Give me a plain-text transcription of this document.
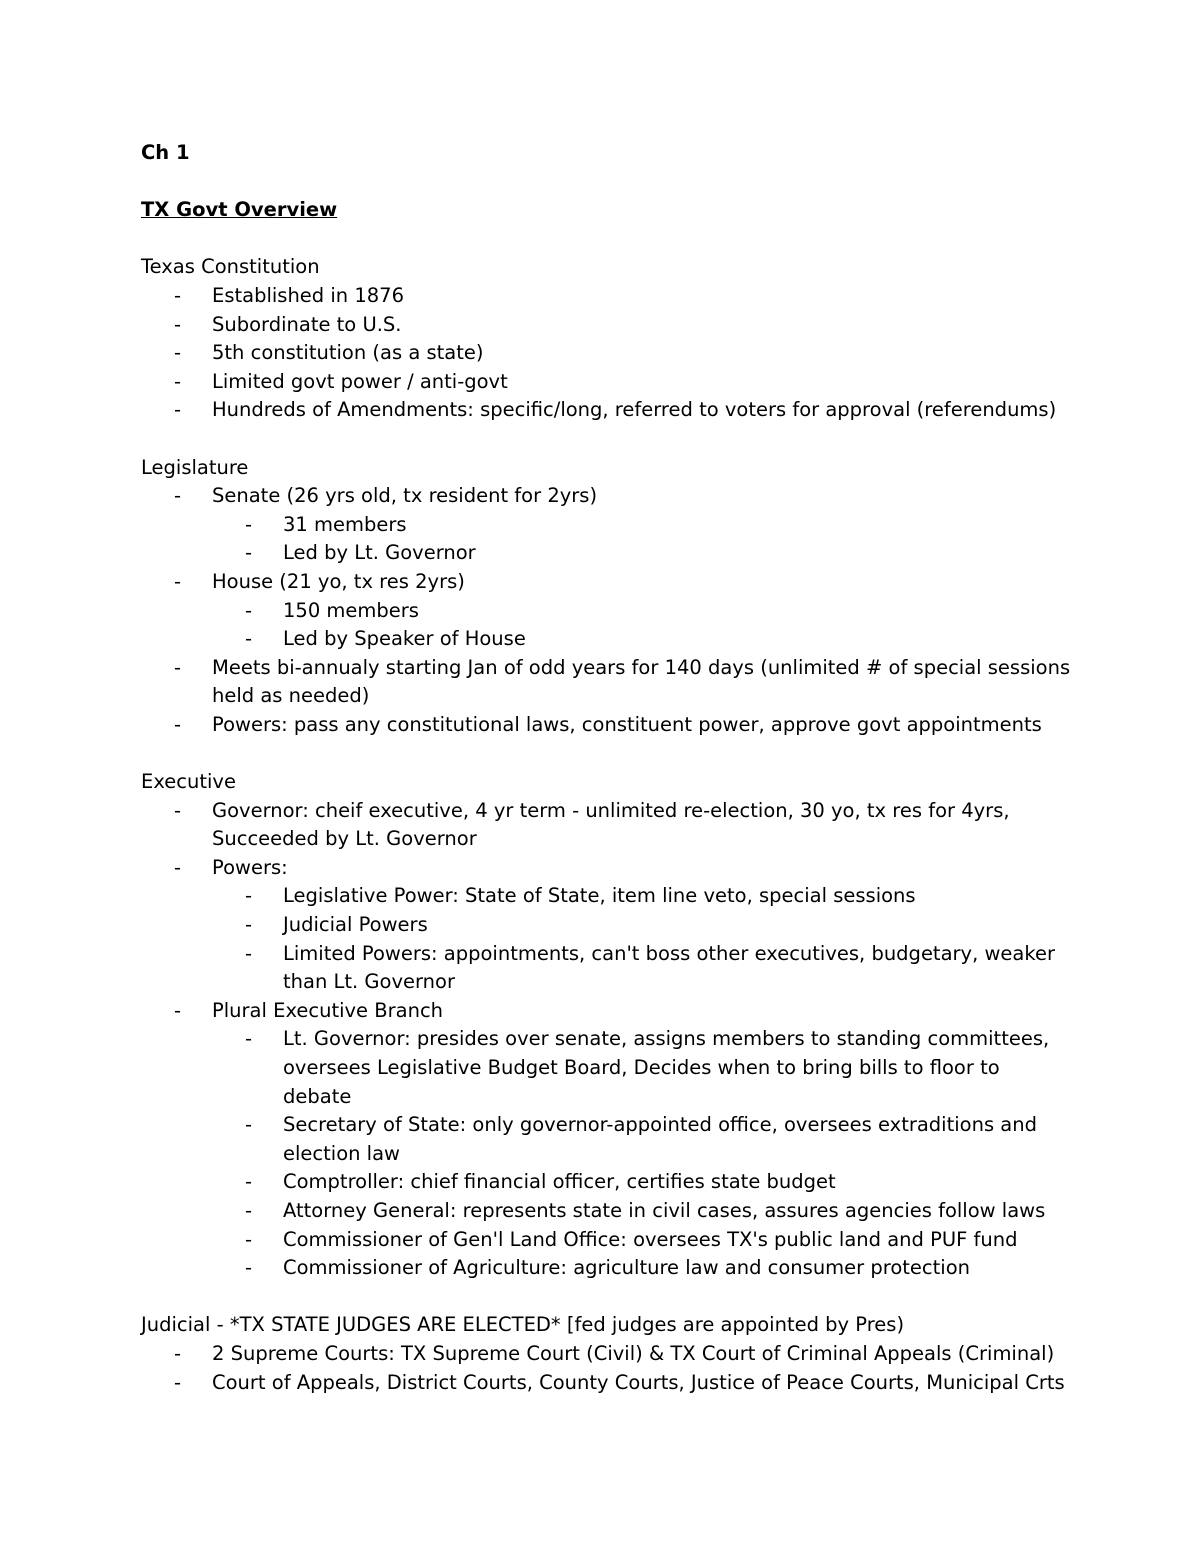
Ch 1

TX Govt Overview

Texas Constitution

- Established in 1876
- Subordinate to U.S.
- 5th constitution (as a state)
- Limited govt power / anti-govt
- Hundreds of Amendments: specific/long, referred to voters for approval (referendums)

Legislature

- Senate (26 yrs old, tx resident for 2yrs)
- 31 members
- Led by Lt. Governor
- House (21 yo, tx res 2yrs)
- 150 members
- Led by Speaker of House
- Meets bi-annualy starting Jan of odd years for 140 days (unlimited # of special sessions held as needed)
- Powers: pass any constitutional laws, constituent power, approve govt appointments

Executive

- Governor: cheif executive, 4 yr term - unlimited re-election, 30 yo, tx res for 4yrs, Succeeded by Lt. Governor
- Powers:
- Legislative Power: State of State, item line veto, special sessions
- Judicial Powers
- Limited Powers: appointments, can't boss other executives, budgetary, weaker than Lt. Governor
- Plural Executive Branch
- Lt. Governor: presides over senate, assigns members to standing committees, oversees Legislative Budget Board, Decides when to bring bills to floor to debate
- Secretary of State: only governor-appointed office, oversees extraditions and election law
- Comptroller: chief financial officer, certifies state budget
- Attorney General: represents state in civil cases, assures agencies follow laws
- Commissioner of Gen'l Land Office: oversees TX's public land and PUF fund
- Commissioner of Agriculture: agriculture law and consumer protection

Judicial - *TX STATE JUDGES ARE ELECTED* [fed judges are appointed by Pres)

- 2 Supreme Courts: TX Supreme Court (Civil) & TX Court of Criminal Appeals (Criminal)
- Court of Appeals, District Courts, County Courts, Justice of Peace Courts, Municipal Crts
